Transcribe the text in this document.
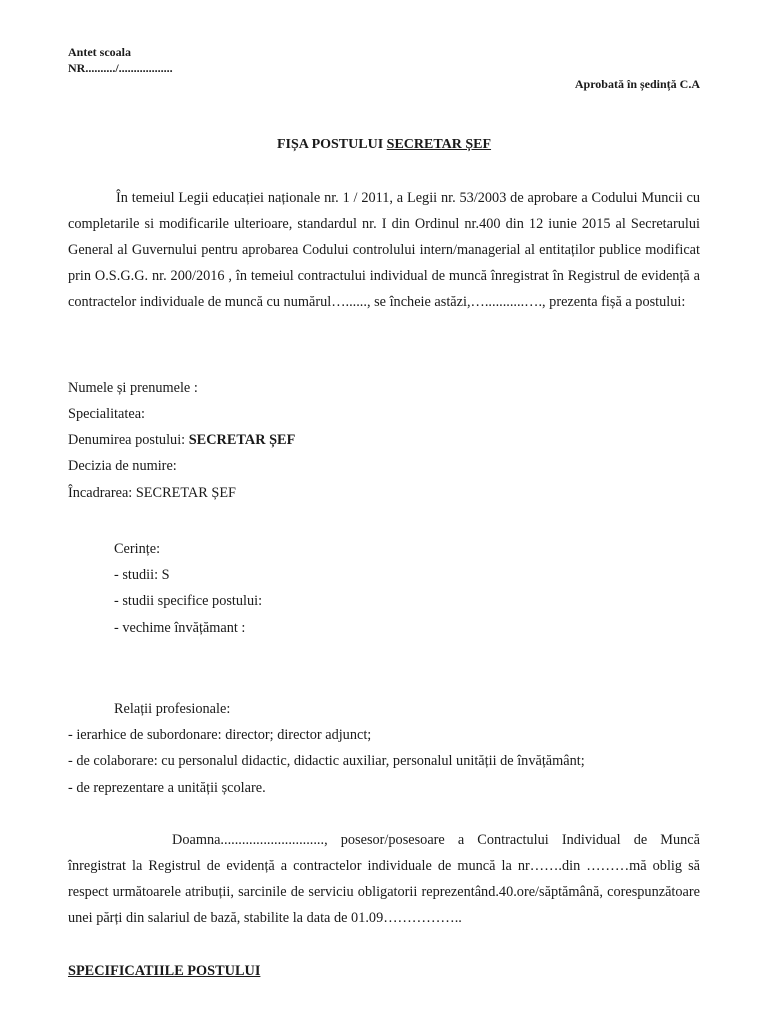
Antet scoala
NR........../..................
Aprobată în ședință C.A
FIȘA POSTULUI SECRETAR ȘEF
În temeiul Legii educației naționale nr. 1 / 2011, a Legii nr. 53/2003 de aprobare a Codului Muncii cu completarile si modificarile ulterioare, standardul nr. I din Ordinul nr.400 din 12 iunie 2015 al Secretarului General al Guvernului pentru aprobarea Codului controlului intern/managerial al entitaților publice modificat prin O.S.G.G. nr. 200/2016 , în temeiul contractului individual de muncă înregistrat în Registrul de evidență a contractelor individuale de muncă cu numărul…......, se încheie astăzi,…...........…., prezenta fișă a postului:
Numele și prenumele :
Specialitatea:
Denumirea postului: SECRETAR ȘEF
Decizia de numire:
Încadrarea: SECRETAR ȘEF
Cerințe:
- studii: S
- studii specifice postului:
- vechime învățămant :
Relații profesionale:
- ierarhice de subordonare: director; director adjunct;
- de colaborare: cu personalul didactic, didactic auxiliar, personalul unității de învățământ;
- de reprezentare a unității școlare.
Doamna............................., posesor/posesoare a Contractului Individual de Muncă înregistrat la Registrul de evidență a contractelor individuale de muncă la nr…….din ………mă oblig să respect următoarele atribuții, sarcinile de serviciu obligatorii reprezentând.40.ore/săptămână, corespunzătoare unei părți din salariul de bază, stabilite la data de 01.09……………..
SPECIFICATIILE POSTULUI
